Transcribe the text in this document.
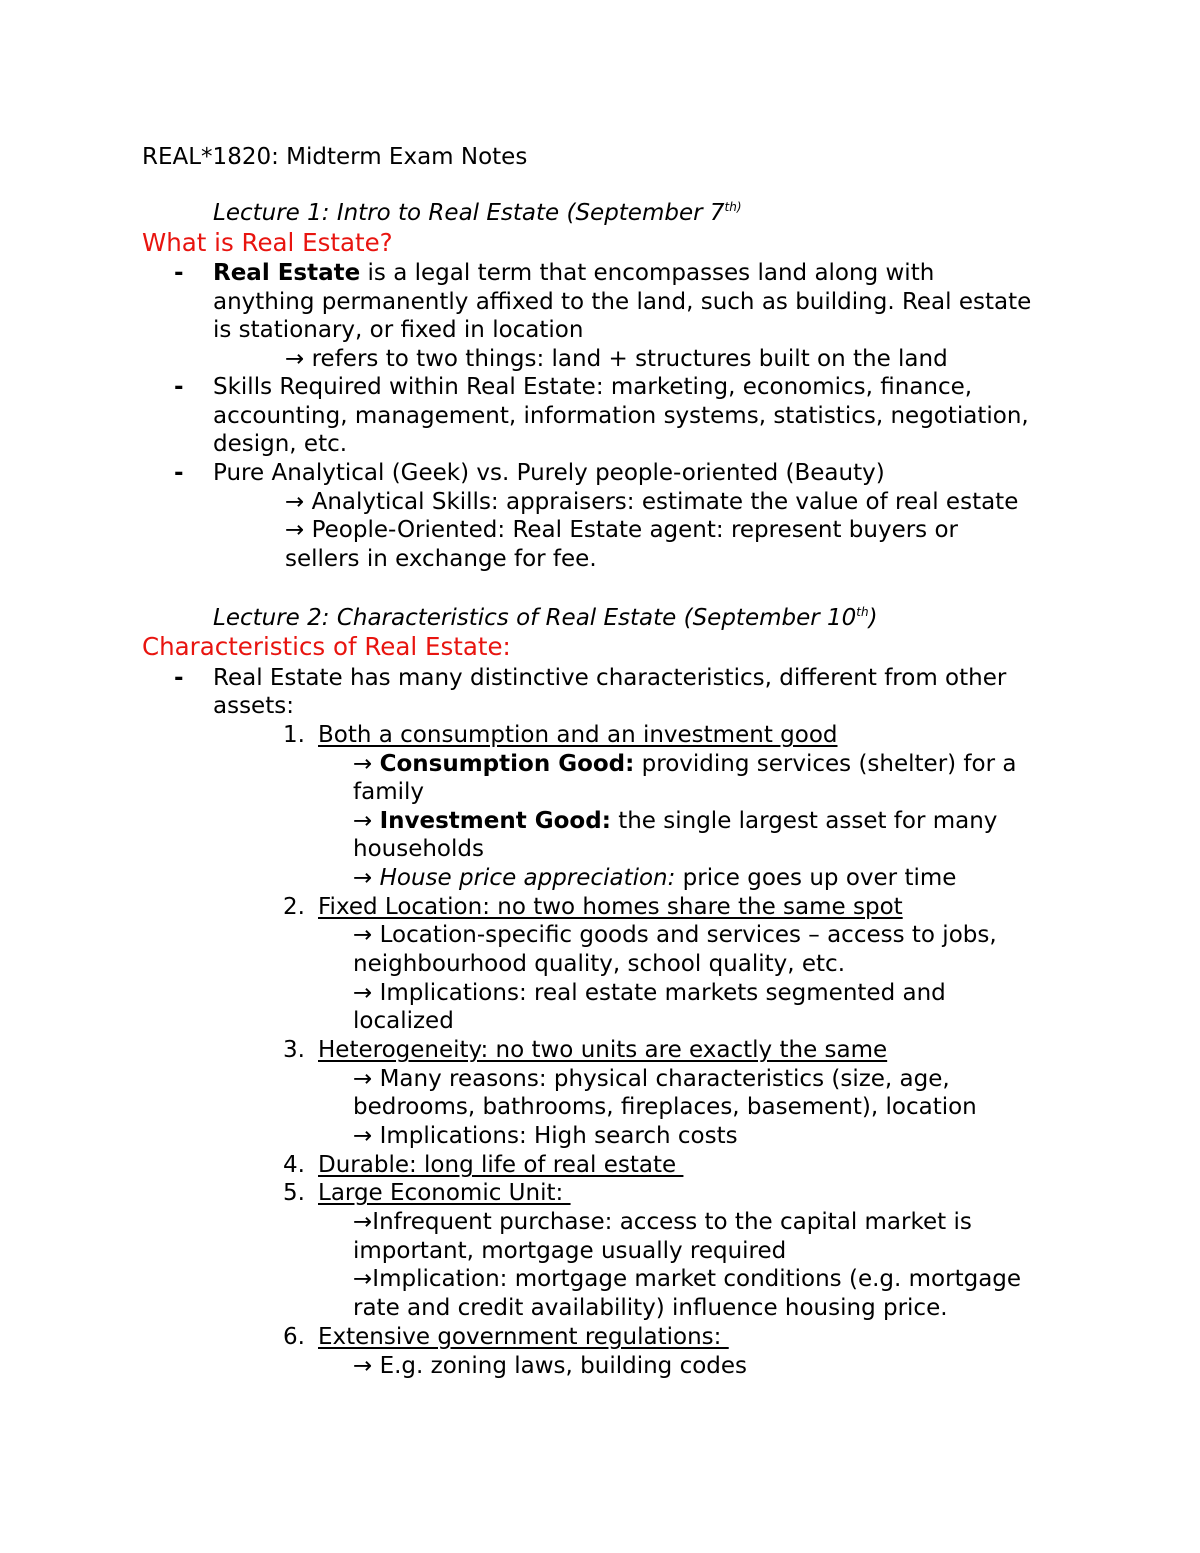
REAL*1820: Midterm Exam Notes
Lecture 1: Intro to Real Estate (September $7^{th)}$
What is Real Estate?
- Real Estate is a legal term that encompasses land along with
anything permanently affixed to the land, such as building. Real estate
is stationary, or fixed in location
→ refers to two things: land + structures built on the land
- Skills Required within Real Estate: marketing, economics, finance,
accounting, management, information systems, statistics, negotiation,
design, etc.
- Pure Analytical (Geek) vs. Purely people-oriented (Beauty)
→ Analytical Skills: appraisers: estimate the value of real estate
→ People-Oriented: Real Estate agent: represent buyers or
sellers in exchange for fee.
Lecture 2: Characteristics of Real Estate (September 10th)
Characteristics of Real Estate:
- Real Estate has many distinctive characteristics, different from other
assets:
1. Both a consumption and an investment good
→ Consumption Good: providing services (shelter) for a
family
→ Investment Good: the single largest asset for many
households
→ House price appreciation: price goes up over time
2. Fixed Location: no two homes share the same spot
→ Location-specific goods and services – access to jobs,
neighbourhood quality, school quality, etc.
→ Implications: real estate markets segmented and
localized
3. Heterogeneity: no two units are exactly the same
→ Many reasons: physical characteristics (size, age,
bedrooms, bathrooms, fireplaces, basement), location
→ Implications: High search costs
4. Durable: long life of real estate
5. Large Economic Unit:
→Infrequent purchase: access to the capital market is
important, mortgage usually required
→Implication: mortgage market conditions (e.g. mortgage
rate and credit availability) influence housing price.
6. Extensive government regulations:
→ E.g. zoning laws, building codes
